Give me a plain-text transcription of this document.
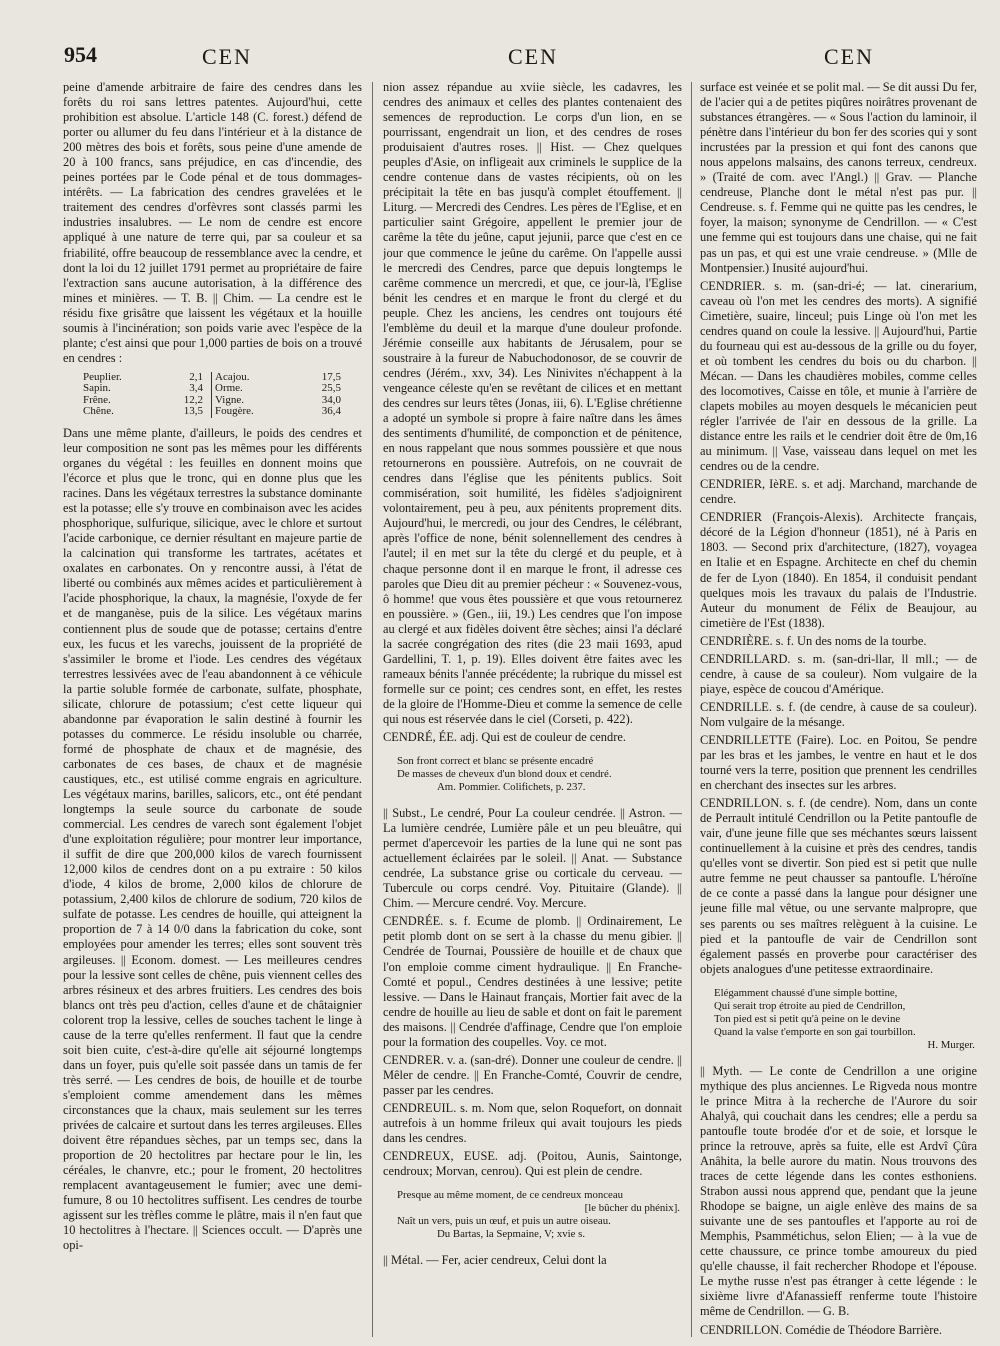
954	CEN	CEN	CEN

peine d'amende arbitraire de faire des cendres dans les forêts du roi sans lettres patentes. Aujourd'hui, cette prohibition est absolue. L'article 148 (C. forest.) défend de porter ou allumer du feu dans l'intérieur et à la distance de 200 mètres des bois et forêts, sous peine d'une amende de 20 à 100 francs, sans préjudice, en cas d'incendie, des peines portées par le Code pénal et de tous dommages-intérêts. — La fabrication des cendres gravelées et le traitement des cendres d'orfèvres sont classés parmi les industries insalubres. — Le nom de cendre est encore appliqué à une nature de terre qui, par sa couleur et sa friabilité, offre beaucoup de ressemblance avec la cendre, et dont la loi du 12 juillet 1791 permet au propriétaire de faire l'extraction sans aucune autorisation, à la différence des mines et minières. — T. B. || Chim. — La cendre est le résidu fixe grisâtre que laissent les végétaux et la houille soumis à l'incinération; son poids varie avec l'espèce de la plante; c'est ainsi que pour 1,000 parties de bois on a trouvé en cendres :

Peuplier.	2,1 Acajou.	17,5
Sapin.	3,4 Orme.	25,5
Frêne.	12,2 Vigne.	34,0
Chêne.	13,5 Fougère.	36,4

Dans une même plante, d'ailleurs, le poids des cendres et leur composition ne sont pas les mêmes pour les différents organes du végétal : les feuilles en donnent moins que l'écorce et plus que le tronc, qui en donne plus que les racines. Dans les végétaux terrestres la substance dominante est la potasse; elle s'y trouve en combinaison avec les acides phosphorique, sulfurique, silicique, avec le chlore et surtout l'acide carbonique, ce dernier résultant en majeure partie de la calcination qui transforme les tartrates, acétates et oxalates en carbonates. On y rencontre aussi, à l'état de liberté ou combinés aux mêmes acides et particulièrement à l'acide phosphorique, la chaux, la magnésie, l'oxyde de fer et de manganèse, puis de la silice. Les végétaux marins contiennent plus de soude que de potasse; certains d'entre eux, les fucus et les varechs, jouissent de la propriété de s'assimiler le brome et l'iode. Les cendres des végétaux terrestres lessivées avec de l'eau abandonnent à ce véhicule la partie soluble formée de carbonate, sulfate, phosphate, silicate, chlorure de potassium; c'est cette liqueur qui abandonne par évaporation le salin destiné à fournir les potasses du commerce. Le résidu insoluble ou charrée, formé de phosphate de chaux et de magnésie, des carbonates de ces bases, de chaux et de magnésie caustiques, etc., est utilisé comme engrais en agriculture. Les végétaux marins, barilles, salicors, etc., ont été pendant longtemps la seule source du carbonate de soude commercial. Les cendres de varech sont également l'objet d'une exploitation régulière; pour montrer leur importance, il suffit de dire que 200,000 kilos de varech fournissent 12,000 kilos de cendres dont on a pu extraire : 50 kilos d'iode, 4 kilos de brome, 2,000 kilos de chlorure de potassium, 2,400 kilos de chlorure de sodium, 720 kilos de sulfate de potasse. Les cendres de houille, qui atteignent la proportion de 7 à 14 0/0 dans la fabrication du coke, sont employées pour amender les terres; elles sont souvent très argileuses. || Econom. domest. — Les meilleures cendres pour la lessive sont celles de chêne, puis viennent celles des arbres résineux et des arbres fruitiers. Les cendres des bois blancs ont très peu d'action, celles d'aune et de châtaignier colorent trop la lessive, celles de souches tachent le linge à cause de la terre qu'elles renferment. Il faut que la cendre soit bien cuite, c'est-à-dire qu'elle ait séjourné longtemps dans un foyer, puis qu'elle soit passée dans un tamis de fer très serré. — Les cendres de bois, de houille et de tourbe s'emploient comme amendement dans les mêmes circonstances que la chaux, mais seulement sur les terres privées de calcaire et surtout dans les terres argileuses. Elles doivent être répandues sèches, par un temps sec, dans la proportion de 20 hectolitres par hectare pour le lin, les céréales, le chanvre, etc.; pour le froment, 20 hectolitres remplacent avantageusement le fumier; avec une demi-fumure, 8 ou 10 hectolitres suffisent. Les cendres de tourbe agissent sur les trèfles comme le plâtre, mais il n'en faut que 10 hectolitres à l'hectare. || Sciences occult. — D'après une opi-

nion assez répandue au xviie siècle, les cadavres, les cendres des animaux et celles des plantes contenaient des semences de reproduction. Le corps d'un lion, en se pourrissant, engendrait un lion, et des cendres de roses produisaient d'autres roses. || Hist. — Chez quelques peuples d'Asie, on infligeait aux criminels le supplice de la cendre contenue dans de vastes récipients, où on les précipitait la tête en bas jusqu'à complet étouffement. || Liturg. — Mercredi des Cendres. Les pères de l'Eglise, et en particulier saint Grégoire, appellent le premier jour de carême la tête du jeûne, caput jejunii, parce que c'est en ce jour que commence le jeûne du carême. On l'appelle aussi le mercredi des Cendres, parce que depuis longtemps le carême commence un mercredi, et que, ce jour-là, l'Eglise bénit les cendres et en marque le front du clergé et du peuple. Chez les anciens, les cendres ont toujours été l'emblème du deuil et la marque d'une douleur profonde. Jérémie conseille aux habitants de Jérusalem, pour se soustraire à la fureur de Nabuchodonosor, de se couvrir de cendres (Jérém., xxv, 34). Les Ninivites n'échappent à la vengeance céleste qu'en se revêtant de cilices et en mettant des cendres sur leurs têtes (Jonas, iii, 6). L'Eglise chrétienne a adopté un symbole si propre à faire naître dans les âmes des sentiments d'humilité, de componction et de pénitence, en nous rappelant que nous sommes poussière et que nous retournerons en poussière. Autrefois, on ne couvrait de cendres dans l'église que les pénitents publics. Soit commisération, soit humilité, les fidèles s'adjoignirent volontairement, peu à peu, aux pénitents proprement dits. Aujourd'hui, le mercredi, ou jour des Cendres, le célébrant, après l'office de none, bénit solennellement des cendres à l'autel; il en met sur la tête du clergé et du peuple, et à chaque personne dont il en marque le front, il adresse ces paroles que Dieu dit au premier pécheur : « Souvenez-vous, ô homme! que vous êtes poussière et que vous retournerez en poussière. » (Gen., iii, 19.) Les cendres que l'on impose au clergé et aux fidèles doivent être sèches; ainsi l'a déclaré la sacrée congrégation des rites (die 23 maii 1693, apud Gardellini, T. 1, p. 19). Elles doivent être faites avec les rameaux bénits l'année précédente; la rubrique du missel est formelle sur ce point; ces cendres sont, en effet, les restes de la gloire de l'Homme-Dieu et comme la semence de celle qui nous est réservée dans le ciel (Corseti, p. 422).

CENDRÉ, ÉE. adj. Qui est de couleur de cendre.

Son front correct et blanc se présente encadré
De masses de cheveux d'un blond doux et cendré.
Am. Pommier. Colifichets, p. 237.

|| Subst., Le cendré, Pour La couleur cendrée. || Astron. — La lumière cendrée, Lumière pâle et un peu bleuâtre, qui permet d'apercevoir les parties de la lune qui ne sont pas actuellement éclairées par le soleil. || Anat. — Substance cendrée, La substance grise ou corticale du cerveau. — Tubercule ou corps cendré. Voy. Pituitaire (Glande). || Chim. — Mercure cendré. Voy. Mercure.

CENDRÉE. s. f. Ecume de plomb. || Ordinairement, Le petit plomb dont on se sert à la chasse du menu gibier. || Cendrée de Tournai, Poussière de houille et de chaux que l'on emploie comme ciment hydraulique. || En Franche-Comté et popul., Cendres destinées à une lessive; petite lessive. — Dans le Hainaut français, Mortier fait avec de la cendre de houille au lieu de sable et dont on fait le parement des maisons. || Cendrée d'affinage, Cendre que l'on emploie pour la formation des coupelles. Voy. ce mot.

CENDRER. v. a. (san-dré). Donner une couleur de cendre. || Mêler de cendre. || En Franche-Comté, Couvrir de cendre, passer par les cendres.

CENDREUIL. s. m. Nom que, selon Roquefort, on donnait autrefois à un homme frileux qui avait toujours les pieds dans les cendres.

CENDREUX, EUSE. adj. (Poitou, Aunis, Saintonge, cendroux; Morvan, cenrou). Qui est plein de cendre.

Presque au même moment, de ce cendreux monceau
[le bûcher du phénix].
Naît un vers, puis un œuf, et puis un autre oiseau.
Du Bartas, la Sepmaine, V; xvie s.

|| Métal. — Fer, acier cendreux, Celui dont la

surface est veinée et se polit mal. — Se dit aussi Du fer, de l'acier qui a de petites piqûres noirâtres provenant de substances étrangères. — « Sous l'action du laminoir, il pénètre dans l'intérieur du bon fer des scories qui y sont incrustées par la pression et qui font des canons que nous appelons malsains, des canons terreux, cendreux. » (Traité de com. avec l'Angl.) || Grav. — Planche cendreuse, Planche dont le métal n'est pas pur. || Cendreuse. s. f. Femme qui ne quitte pas les cendres, le foyer, la maison; synonyme de Cendrillon. — « C'est une femme qui est toujours dans une chaise, qui ne fait pas un pas, et qui est une vraie cendreuse. » (Mlle de Montpensier.) Inusité aujourd'hui.

CENDRIER. s. m. (san-dri-é; — lat. cinerarium, caveau où l'on met les cendres des morts). A signifié Cimetière, suaire, linceul; puis Linge où l'on met les cendres quand on coule la lessive. || Aujourd'hui, Partie du fourneau qui est au-dessous de la grille ou du foyer, et où tombent les cendres du bois ou du charbon. || Mécan. — Dans les chaudières mobiles, comme celles des locomotives, Caisse en tôle, et munie à l'arrière de clapets mobiles au moyen desquels le mécanicien peut régler l'arrivée de l'air en dessous de la grille. La distance entre les rails et le cendrier doit être de 0m,16 au minimum. || Vase, vaisseau dans lequel on met les cendres ou de la cendre.

CENDRIER, IèRE. s. et adj. Marchand, marchande de cendre.

CENDRIER (François-Alexis). Architecte français, décoré de la Légion d'honneur (1851), né à Paris en 1803. — Second prix d'architecture, (1827), voyagea en Italie et en Espagne. Architecte en chef du chemin de fer de Lyon (1840). En 1854, il conduisit pendant quelques mois les travaux du palais de l'Industrie. Auteur du monument de Félix de Beaujour, au cimetière de l'Est (1838).

CENDRIÈRE. s. f. Un des noms de la tourbe.

CENDRILLARD. s. m. (san-dri-llar, ll mll.; — de cendre, à cause de sa couleur). Nom vulgaire de la piaye, espèce de coucou d'Amérique.

CENDRILLE. s. f. (de cendre, à cause de sa couleur). Nom vulgaire de la mésange.

CENDRILLETTE (Faire). Loc. en Poitou, Se pendre par les bras et les jambes, le ventre en haut et le dos tourné vers la terre, position que prennent les cendrilles en cherchant des insectes sur les arbres.

CENDRILLON. s. f. (de cendre). Nom, dans un conte de Perrault intitulé Cendrillon ou la Petite pantoufle de vair, d'une jeune fille que ses méchantes sœurs laissent continuellement à la cuisine et près des cendres, tandis qu'elles vont se divertir. Son pied est si petit que nulle autre femme ne peut chausser sa pantoufle. L'héroïne de ce conte a passé dans la langue pour désigner une jeune fille mal vêtue, ou une servante malpropre, que ses parents ou ses maîtres relèguent à la cuisine. Le pied et la pantoufle de vair de Cendrillon sont également passés en proverbe pour caractériser des objets analogues d'une petitesse extraordinaire.

Elégamment chaussé d'une simple bottine,
Qui serait trop étroite au pied de Cendrillon,
Ton pied est si petit qu'à peine on le devine
Quand la valse t'emporte en son gai tourbillon.
H. Murger.

|| Myth. — Le conte de Cendrillon a une origine mythique des plus anciennes. Le Rigveda nous montre le prince Mitra à la recherche de l'Aurore du soir Ahalyâ, qui couchait dans les cendres; elle a perdu sa pantoufle toute brodée d'or et de soie, et lorsque le prince la retrouve, après sa fuite, elle est Ardvî Çûra Anâhita, la belle aurore du matin. Nous trouvons des traces de cette légende dans les contes esthoniens. Strabon aussi nous apprend que, pendant que la jeune Rhodope se baigne, un aigle enlève des mains de sa suivante une de ses pantoufles et l'apporte au roi de Memphis, Psammétichus, selon Elien; — à la vue de cette chaussure, ce prince tombe amoureux du pied qu'elle chausse, il fait rechercher Rhodope et l'épouse. Le mythe russe n'est pas étranger à cette légende : le sixième livre d'Afanassieff renferme toute l'histoire même de Cendrillon. — G. B.

CENDRILLON. Comédie de Théodore Barrière.
